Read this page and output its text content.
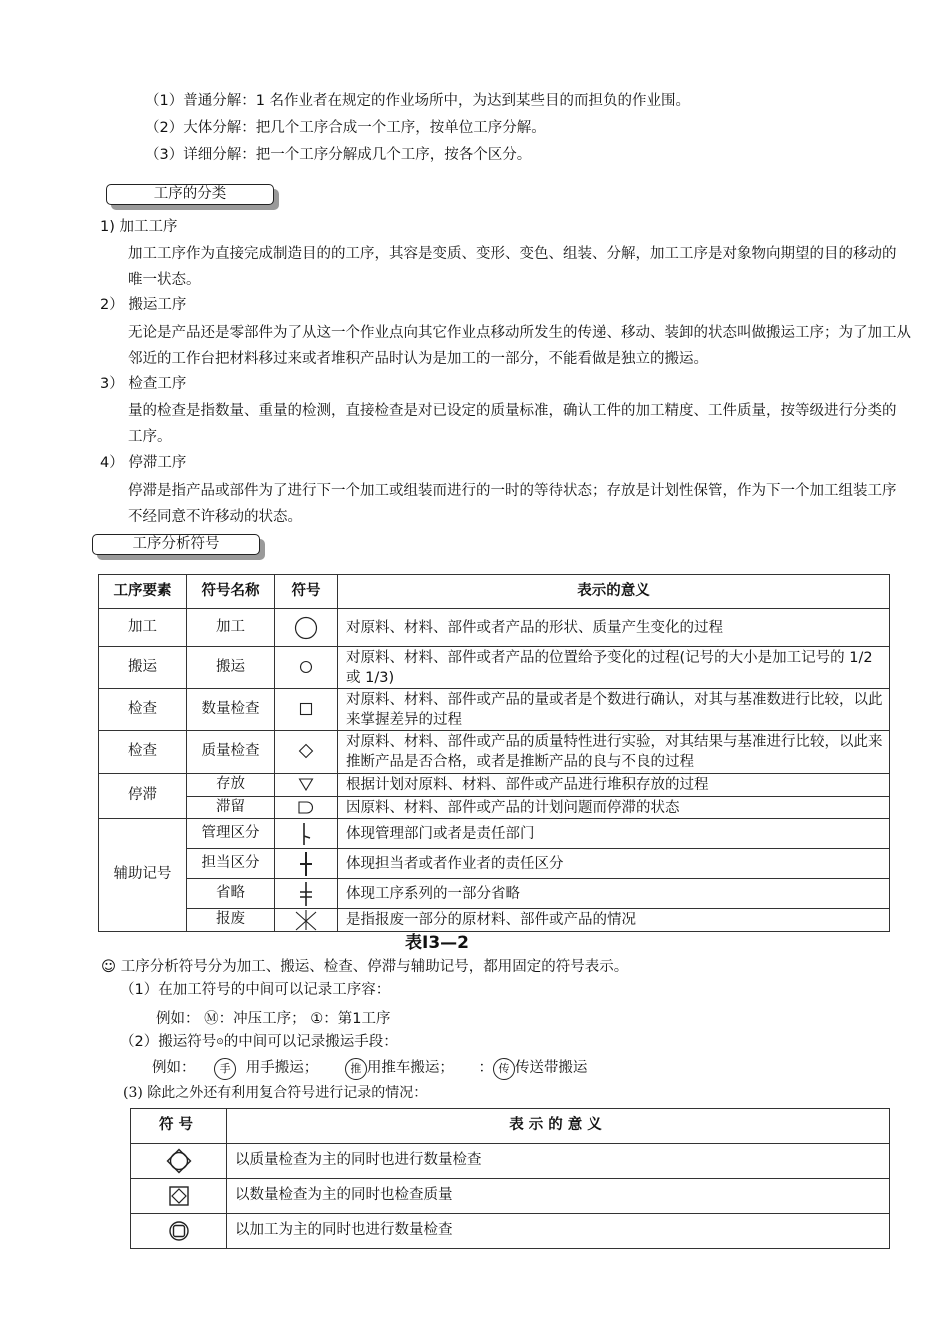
（1）普通分解：1 名作业者在规定的作业场所中，为达到某些目的而担负的作业围。
（2）大体分解：把几个工序合成一个工序，按单位工序分解。
（3）详细分解：把一个工序分解成几个工序，按各个区分。
工序的分类
1) 加工工序
加工工序作为直接完成制造目的的工序，其容是变质、变形、变色、组装、分解，加工工序是对象物向期望的目的移动的唯一状态。
2） 搬运工序
无论是产品还是零部件为了从这一个作业点向其它作业点移动所发生的传递、移动、装卸的状态叫做搬运工序；为了加工从邻近的工作台把材料移过来或者堆积产品时认为是加工的一部分，不能看做是独立的搬运。
3） 检查工序
量的检查是指数量、重量的检测，直接检查是对已设定的质量标准，确认工件的加工精度、工件质量，按等级进行分类的工序。
4） 停滞工序
停滞是指产品或部件为了进行下一个加工或组装而进行的一时的等待状态；存放是计划性保管，作为下一个加工组装工序不经同意不许移动的状态。
工序分析符号
工序要素	符号名称	符号	表示的意义
加工	加工		对原料、材料、部件或者产品的形状、质量产生变化的过程
搬运	搬运		对原料、材料、部件或者产品的位置给予变化的过程(记号的大小是加工记号的 1/2 或 1/3)
检查	数量检查		对原料、材料、部件或产品的量或者是个数进行确认，对其与基准数进行比较，以此来掌握差异的过程
检查	质量检查		对原料、材料、部件或产品的质量特性进行实验，对其结果与基准进行比较，以此来推断产品是否合格，或者是推断产品的良与不良的过程
停滞	存放		根据计划对原料、材料、部件或产品进行堆积存放的过程
	滞留		因原料、材料、部件或产品的计划问题而停滞的状态
辅助记号	管理区分		体现管理部门或者是责任部门
	担当区分		体现担当者或者作业者的责任区分
	省略		体现工序系列的一部分省略
	报废		是指报废一部分的原材料、部件或产品的情况
表I3—2
☺ 工序分析符号分为加工、搬运、检查、停滞与辅助记号，都用固定的符号表示。
（1）在加工符号的中间可以记录工序容：
例如： Ⓜ：冲压工序； ①：第1工序
（2）搬运符号⊙的中间可以记录搬运手段：
例如： 手 用手搬运；	推 用推车搬运； ： 传 传送带搬运
(3) 除此之外还有利用复合符号进行记录的情况：
符号	表示的意义
	以质量检查为主的同时也进行数量检查
	以数量检查为主的同时也检查质量
	以加工为主的同时也进行数量检查
